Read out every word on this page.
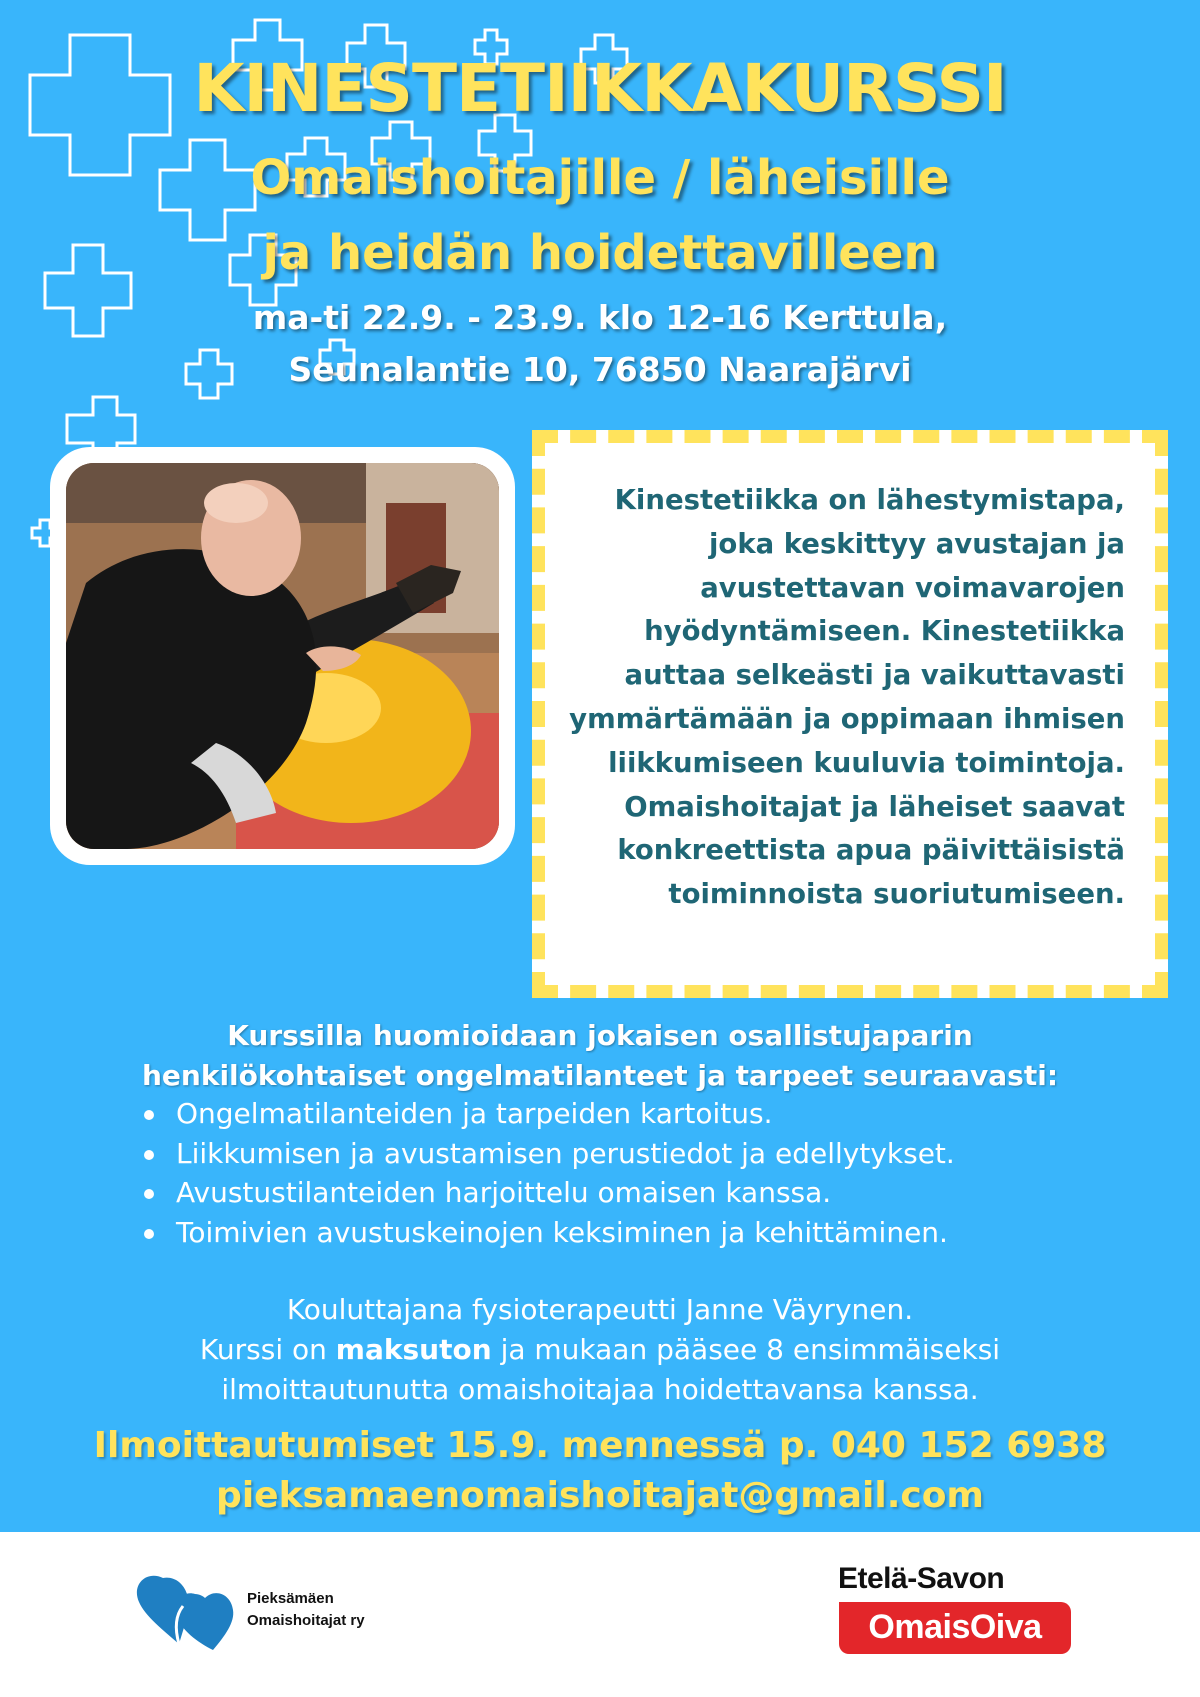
KINESTETIIKKAKURSSI
Omaishoitajille / läheisille
ja heidän hoidettavilleen
ma-ti 22.9. - 23.9. klo 12-16 Kerttula,
Seunalantie 10, 76850 Naarajärvi
Kinestetiikka on lähestymistapa, joka keskittyy avustajan ja avustettavan voimavarojen hyödyntämiseen. Kinestetiikka auttaa selkeästi ja vaikuttavasti ymmärtämään ja oppimaan ihmisen liikkumiseen kuuluvia toimintoja. Omaishoitajat ja läheiset saavat konkreettista apua päivittäisistä toiminnoista suoriutumiseen.
Kurssilla huomioidaan jokaisen osallistujaparin
henkilökohtaiset ongelmatilanteet ja tarpeet seuraavasti:
Ongelmatilanteiden ja tarpeiden kartoitus.
Liikkumisen ja avustamisen perustiedot ja edellytykset.
Avustustilanteiden harjoittelu omaisen kanssa.
Toimivien avustuskeinojen keksiminen ja kehittäminen.
Kouluttajana fysioterapeutti Janne Väyrynen.
Kurssi on maksuton ja mukaan pääsee 8 ensimmäiseksi
ilmoittautunutta omaishoitajaa hoidettavansa kanssa.
Ilmoittautumiset 15.9. mennessä p. 040 152 6938
pieksamaenomaishoitajat@gmail.com
Pieksämäen
Omaishoitajat ry
Etelä-Savon
OmaisOiva
